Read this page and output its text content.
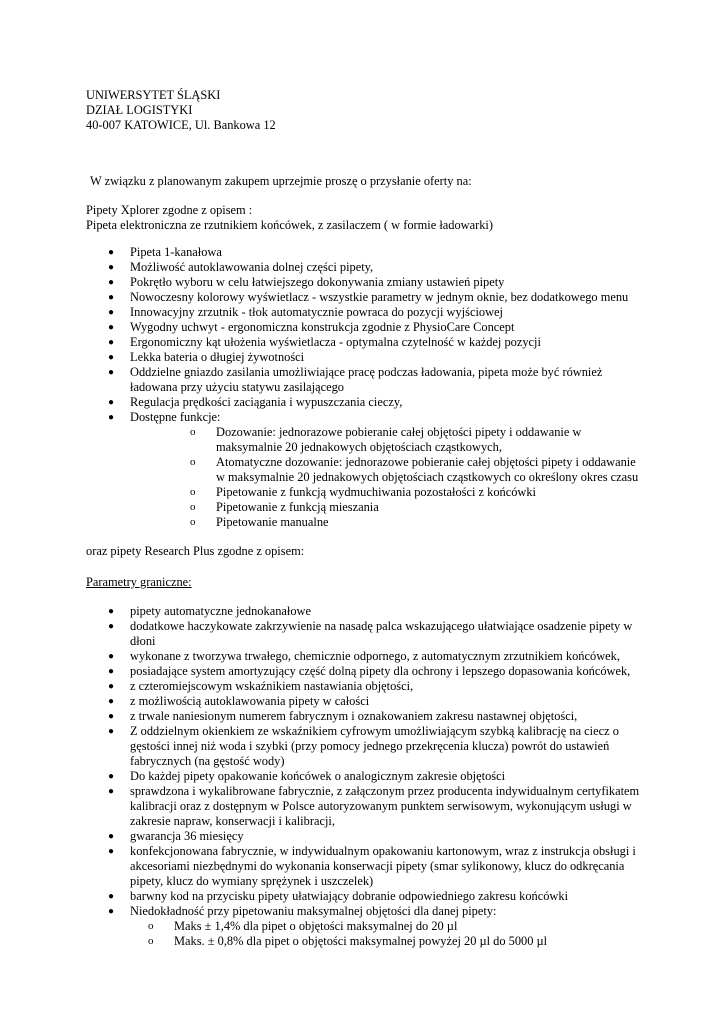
UNIWERSYTET ŚLĄSKI
DZIAŁ LOGISTYKI
40-007 KATOWICE, Ul. Bankowa 12
W związku z planowanym zakupem uprzejmie proszę o przysłanie oferty na:
Pipety Xplorer zgodne z opisem :
Pipeta elektroniczna ze rzutnikiem końcówek, z zasilaczem ( w formie ładowarki)
● Pipeta 1-kanałowa
● Możliwość autoklawowania dolnej części pipety,
● Pokrętło wyboru w celu łatwiejszego dokonywania zmiany ustawień pipety
● Nowoczesny kolorowy wyświetlacz - wszystkie parametry w jednym oknie, bez dodatkowego menu
● Innowacyjny zrzutnik - tłok automatycznie powraca do pozycji wyjściowej
● Wygodny uchwyt - ergonomiczna konstrukcja zgodnie z PhysioCare Concept
● Ergonomiczny kąt ułożenia wyświetlacza - optymalna czytelność w każdej pozycji
● Lekka bateria o długiej żywotności
● Oddzielne gniazdo zasilania umożliwiające pracę podczas ładowania, pipeta może być również ładowana przy użyciu statywu zasilającego
● Regulacja prędkości zaciągania i wypuszczania cieczy,
● Dostępne funkcje:
o Dozowanie: jednorazowe pobieranie całej objętości pipety i oddawanie w maksymalnie 20 jednakowych objętościach cząstkowych,
o Atomatyczne dozowanie: jednorazowe pobieranie całej objętości pipety i oddawanie w maksymalnie 20 jednakowych objętościach cząstkowych co określony okres czasu
o Pipetowanie z funkcją wydmuchiwania pozostałości z końcówki
o Pipetowanie z funkcją mieszania
o Pipetowanie manualne
oraz pipety Research Plus zgodne z opisem:
Parametry graniczne:
● pipety automatyczne jednokanałowe
● dodatkowe haczykowate zakrzywienie na nasadę palca wskazującego ułatwiające osadzenie pipety w dłoni
● wykonane z tworzywa trwałego, chemicznie odpornego, z automatycznym zrzutnikiem końcówek,
● posiadające system amortyzujący część dolną pipety dla ochrony i lepszego dopasowania końcówek,
● z czteromiejscowym wskaźnikiem nastawiania objętości,
● z możliwością autoklawowania pipety w całości
● z trwale naniesionym numerem fabrycznym i oznakowaniem zakresu nastawnej objętości,
● Z oddzielnym okienkiem ze wskaźnikiem cyfrowym umożliwiającym szybką kalibrację na ciecz o gęstości innej niż woda i szybki (przy pomocy jednego przekręcenia klucza) powrót do ustawień fabrycznych (na gęstość wody)
● Do każdej pipety opakowanie końcówek o analogicznym zakresie objętości
● sprawdzona i wykalibrowane fabrycznie, z załączonym przez producenta indywidualnym certyfikatem kalibracji oraz z dostępnym w Polsce autoryzowanym punktem serwisowym, wykonującym usługi w zakresie napraw, konserwacji i kalibracji,
● gwarancja 36 miesięcy
● konfekcjonowana fabrycznie, w indywidualnym opakowaniu kartonowym, wraz z instrukcja obsługi i akcesoriami niezbędnymi do wykonania konserwacji pipety (smar sylikonowy, klucz do odkręcania pipety, klucz do wymiany sprężynek i uszczelek)
● barwny kod na przycisku pipety ułatwiający dobranie odpowiedniego zakresu końcówki
● Niedokładność przy pipetowaniu maksymalnej objętości dla danej pipety:
o Maks ± 1,4% dla pipet o objętości maksymalnej do 20 µl
o Maks. ± 0,8% dla pipet o objętości maksymalnej powyżej 20 µl do 5000 µl
